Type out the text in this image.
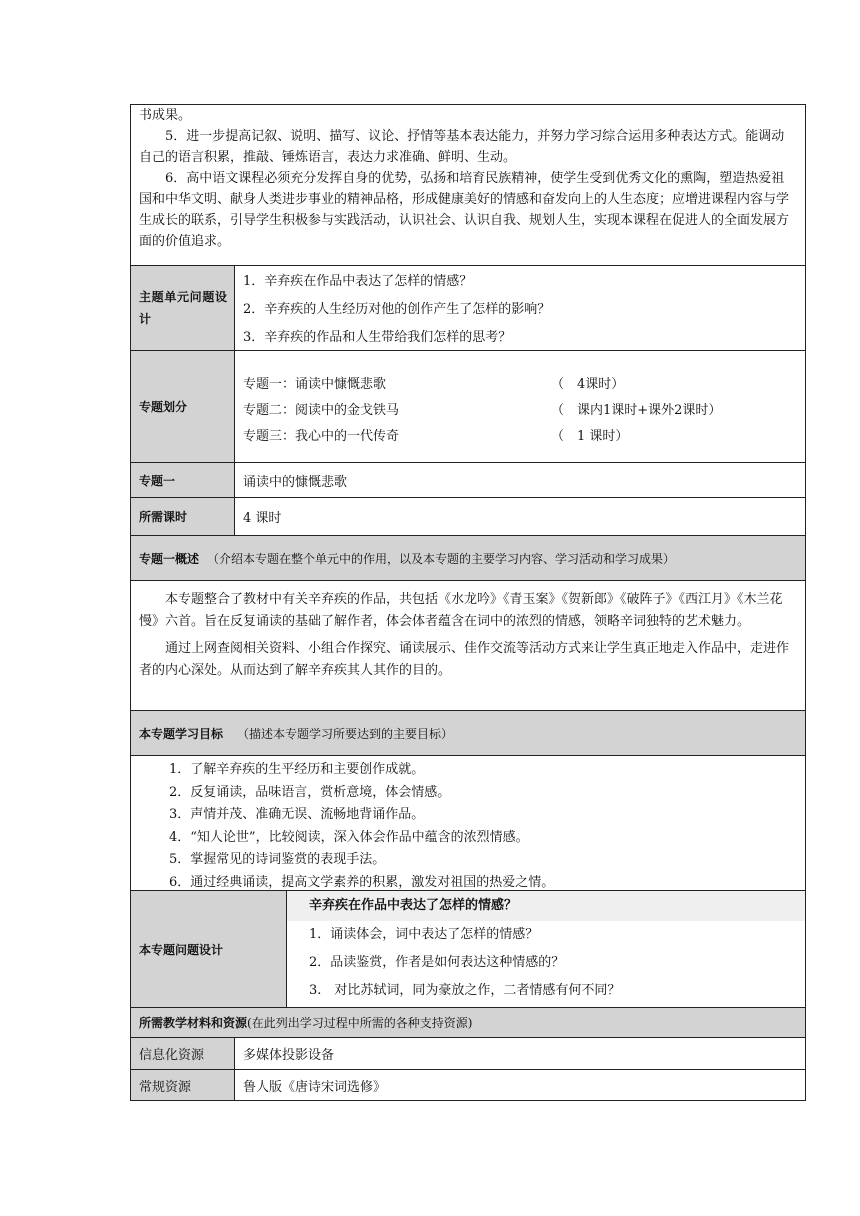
书成果。

5．进一步提高记叙、说明、描写、议论、抒情等基本表达能力，并努力学习综合运用多种表达方式。能调动自己的语言积累，推敲、锤炼语言，表达力求准确、鲜明、生动。

6．高中语文课程必须充分发挥自身的优势，弘扬和培育民族精神，使学生受到优秀文化的熏陶，塑造热爱祖国和中华文明、献身人类进步事业的精神品格，形成健康美好的情感和奋发向上的人生态度；应增进课程内容与学生成长的联系，引导学生积极参与实践活动，认识社会、认识自我、规划人生，实现本课程在促进人的全面发展方面的价值追求。

主题单元问题设计
1．辛弃疾在作品中表达了怎样的情感？
2．辛弃疾的人生经历对他的创作产生了怎样的影响？
3．辛弃疾的作品和人生带给我们怎样的思考？
专题划分
专题一：诵读中慷慨悲歌	（　4课时）
专题二：阅读中的金戈铁马	（　课内1课时+课外2课时）
专题三：我心中的一代传奇	（　1 课时）
专题一	诵读中的慷慨悲歌
所需课时	4 课时
专题一概述 （介绍本专题在整个单元中的作用，以及本专题的主要学习内容、学习活动和学习成果）

本专题整合了教材中有关辛弃疾的作品，共包括《水龙吟》《青玉案》《贺新郎》《破阵子》《西江月》《木兰花慢》六首。旨在反复诵读的基础了解作者，体会体者蕴含在词中的浓烈的情感，领略辛词独特的艺术魅力。

通过上网查阅相关资料、小组合作探究、诵读展示、佳作交流等活动方式来让学生真正地走入作品中，走进作者的内心深处。从而达到了解辛弃疾其人其作的目的。

本专题学习目标 （描述本专题学习所要达到的主要目标）

1．了解辛弃疾的生平经历和主要创作成就。

2．反复诵读，品味语言，赏析意境，体会情感。

3．声情并茂、准确无误、流畅地背诵作品。

4．“知人论世”，比较阅读，深入体会作品中蕴含的浓烈情感。

5．掌握常见的诗词鉴赏的表现手法。

6．通过经典诵读，提高文学素养的积累，激发对祖国的热爱之情。

本专题问题设计
辛弃疾在作品中表达了怎样的情感？
1．诵读体会，词中表达了怎样的情感？
2．品读鉴赏，作者是如何表达这种情感的？
3.　对比苏轼词，同为豪放之作，二者情感有何不同？
所需教学材料和资源 (在此列出学习过程中所需的各种支持资源)
信息化资源	多媒体投影设备
常规资源	鲁人版《唐诗宋词选修》
